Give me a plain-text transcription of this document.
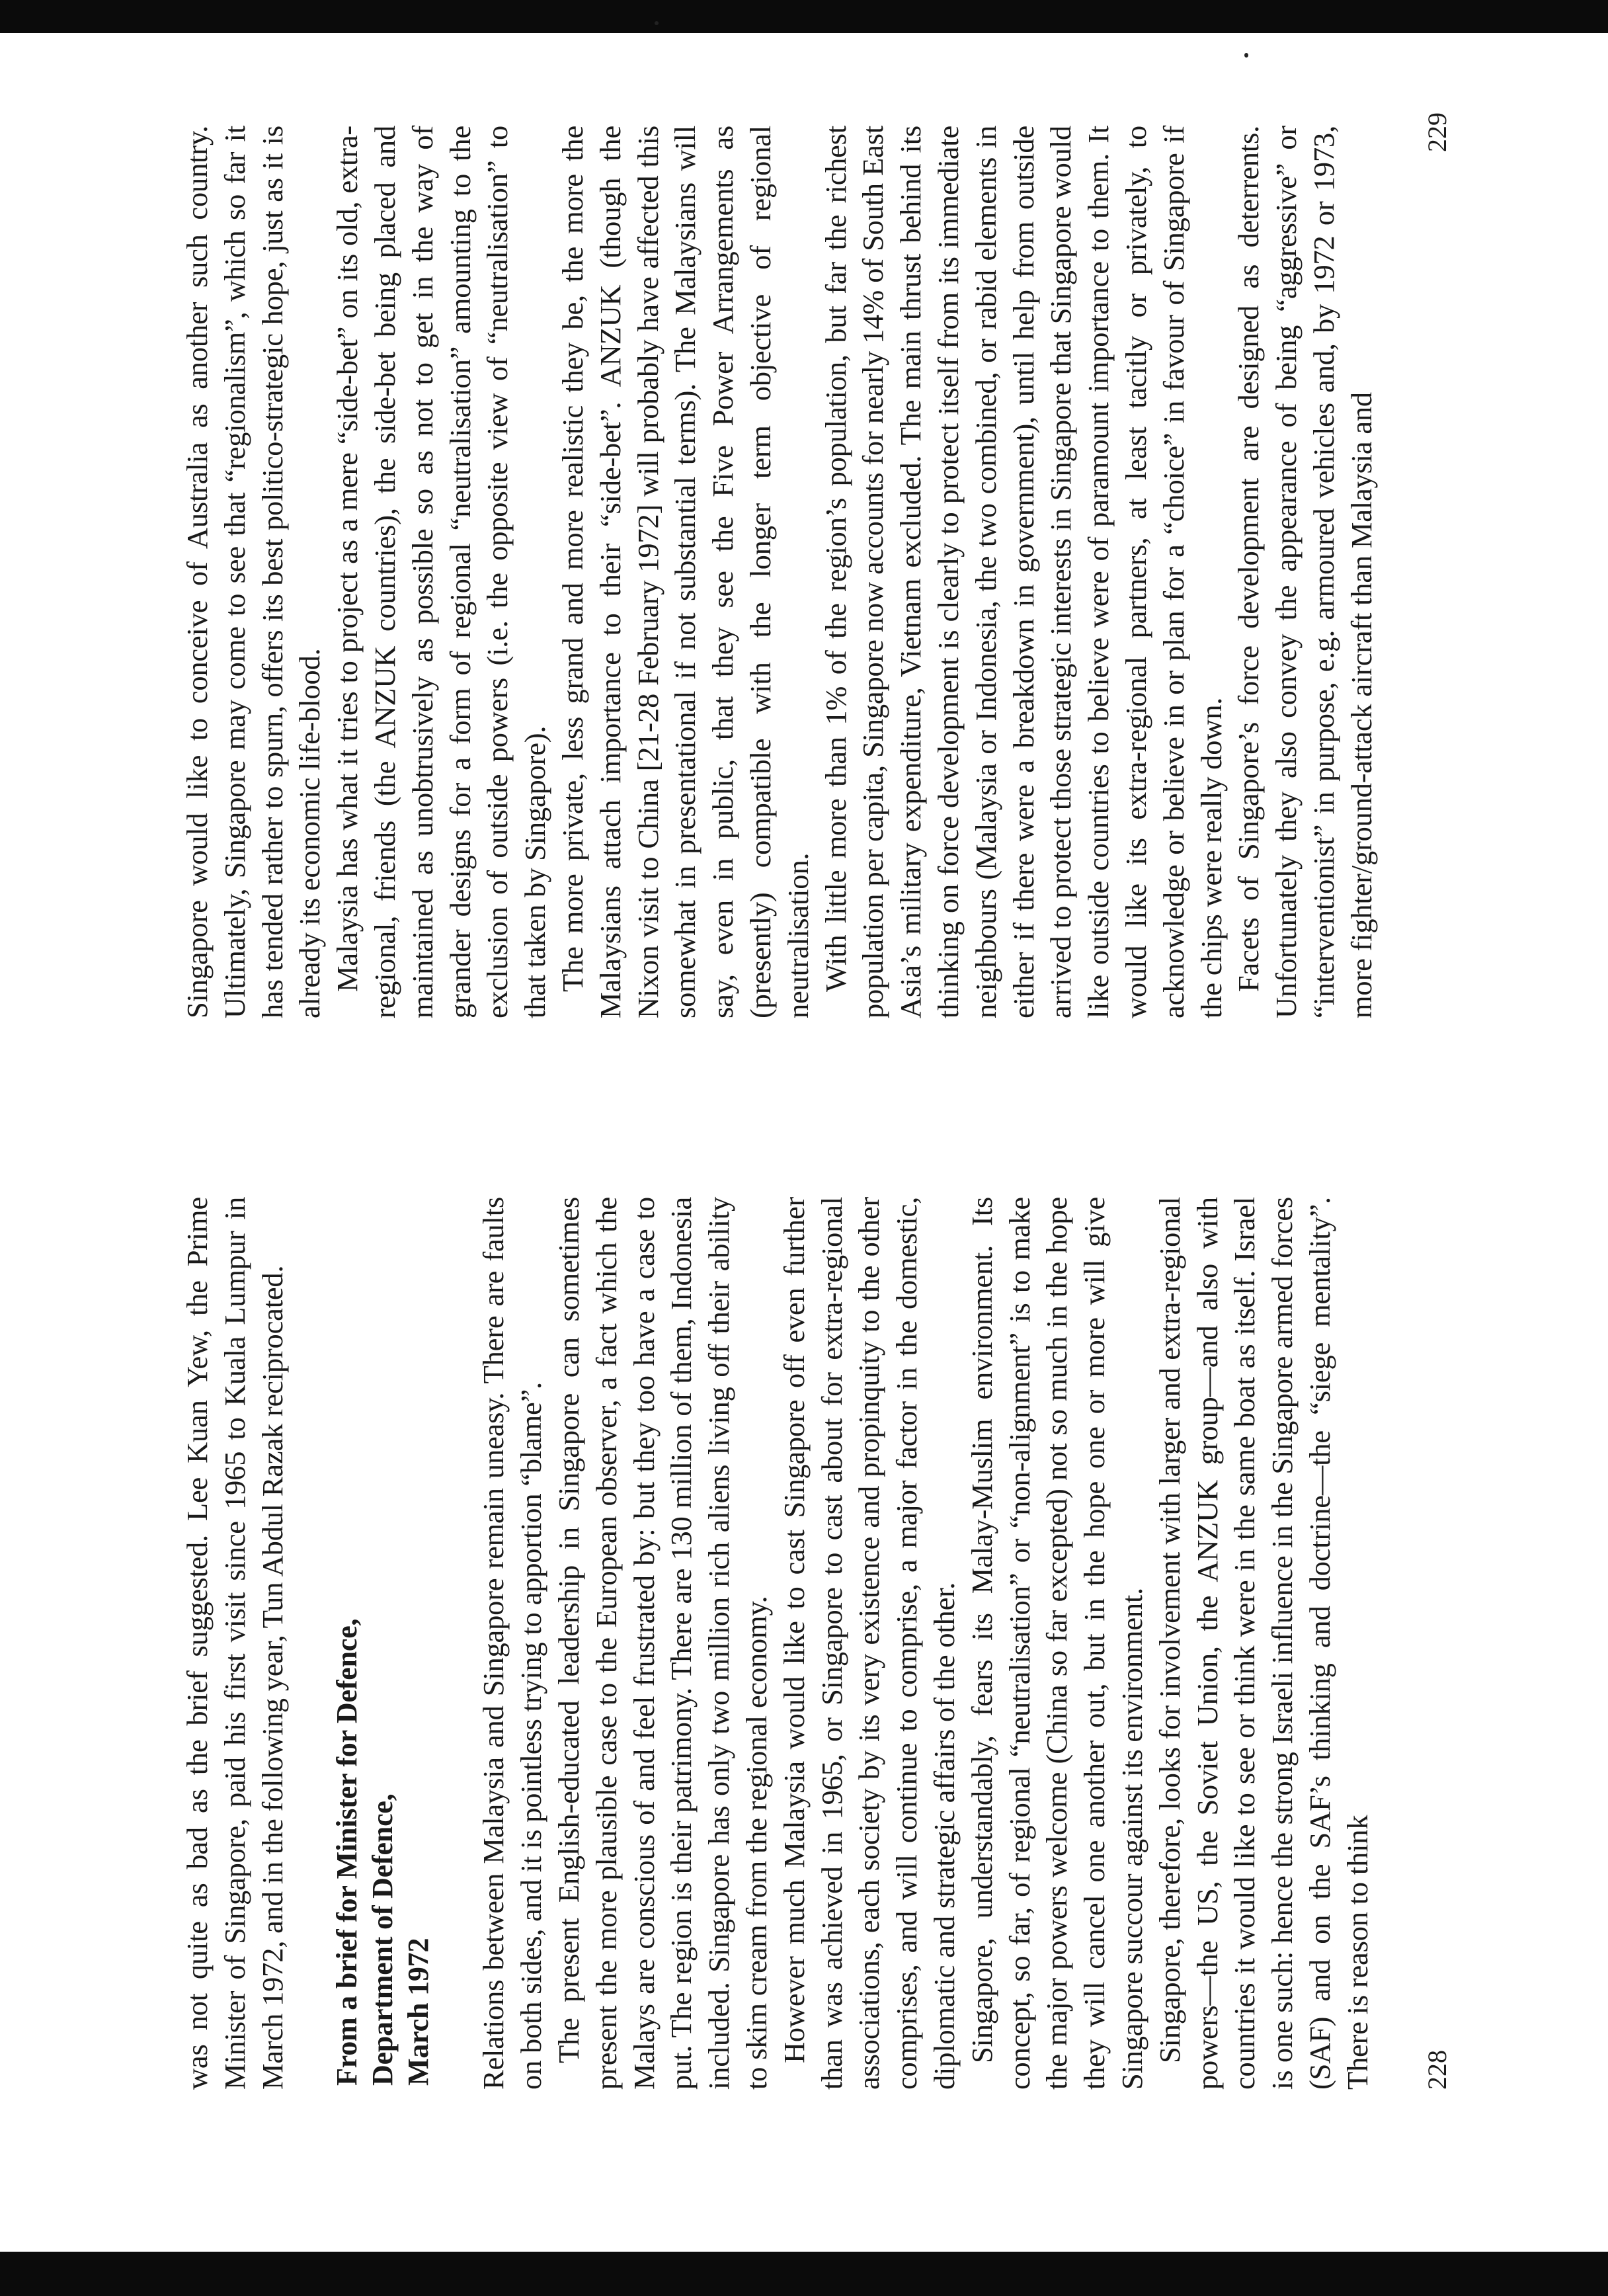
was not quite as bad as the brief suggested. Lee Kuan Yew, the Prime Minister of Singapore, paid his first visit since 1965 to Kuala Lumpur in March 1972, and in the following year, Tun Abdul Razak reciprocated. From a brief for Minister for Defence, Department of Defence, March 1972 Relations between Malaysia and Singapore remain uneasy. There are faults on both sides, and it is pointless trying to apportion “blame”. The present English-educated leadership in Singapore can sometimes present the more plausible case to the European observer, a fact which the Malays are conscious of and feel frustrated by: but they too have a case to put. The region is their patrimony. There are 130 million of them, Indonesia included. Singapore has only two million rich aliens living off their ability to skim cream from the regional economy. However much Malaysia would like to cast Singapore off even further than was achieved in 1965, or Singapore to cast about for extra-regional associations, each society by its very existence and propinquity to the other comprises, and will continue to comprise, a major factor in the domestic, diplomatic and strategic affairs of the other. Singapore, understandably, fears its Malay-Muslim environment. Its concept, so far, of regional “neutralisation” or “non-alignment” is to make the major powers welcome (China so far excepted) not so much in the hope they will cancel one another out, but in the hope one or more will give Singapore succour against its environment. Singapore, therefore, looks for involvement with larger and extra-regional powers—the US, the Soviet Union, the ANZUK group—and also with countries it would like to see or think were in the same boat as itself. Israel is one such: hence the strong Israeli influence in the Singapore armed forces (SAF) and on the SAF’s thinking and doctrine—the “siege mentality”. There is reason to think 228

Singapore would like to conceive of Australia as another such country. Ultimately, Singapore may come to see that “regionalism”, which so far it has tended rather to spurn, offers its best politico-strategic hope, just as it is already its economic life-blood. Malaysia has what it tries to project as a mere “side-bet” on its old, extra-regional, friends (the ANZUK countries), the side-bet being placed and maintained as unobtrusively as possible so as not to get in the way of grander designs for a form of regional “neutralisation” amounting to the exclusion of outside powers (i.e. the opposite view of “neutralisation” to that taken by Singapore). The more private, less grand and more realistic they be, the more the Malaysians attach importance to their “side-bet”. ANZUK (though the Nixon visit to China [21-28 February 1972] will probably have affected this somewhat in presentational if not substantial terms). The Malaysians will say, even in public, that they see the Five Power Arrangements as (presently) compatible with the longer term objective of regional neutralisation. With little more than 1% of the region’s population, but far the richest population per capita, Singapore now accounts for nearly 14% of South East Asia’s military expenditure, Vietnam excluded. The main thrust behind its thinking on force development is clearly to protect itself from its immediate neighbours (Malaysia or Indonesia, the two combined, or rabid elements in either if there were a breakdown in government), until help from outside arrived to protect those strategic interests in Singapore that Singapore would like outside countries to believe were of paramount importance to them. It would like its extra-regional partners, at least tacitly or privately, to acknowledge or believe in or plan for a “choice” in favour of Singapore if the chips were really down. Facets of Singapore’s force development are designed as deterrents. Unfortunately they also convey the appearance of being “aggressive” or “interventionist” in purpose, e.g. armoured vehicles and, by 1972 or 1973, more fighter/ground-attack aircraft than Malaysia and

229
